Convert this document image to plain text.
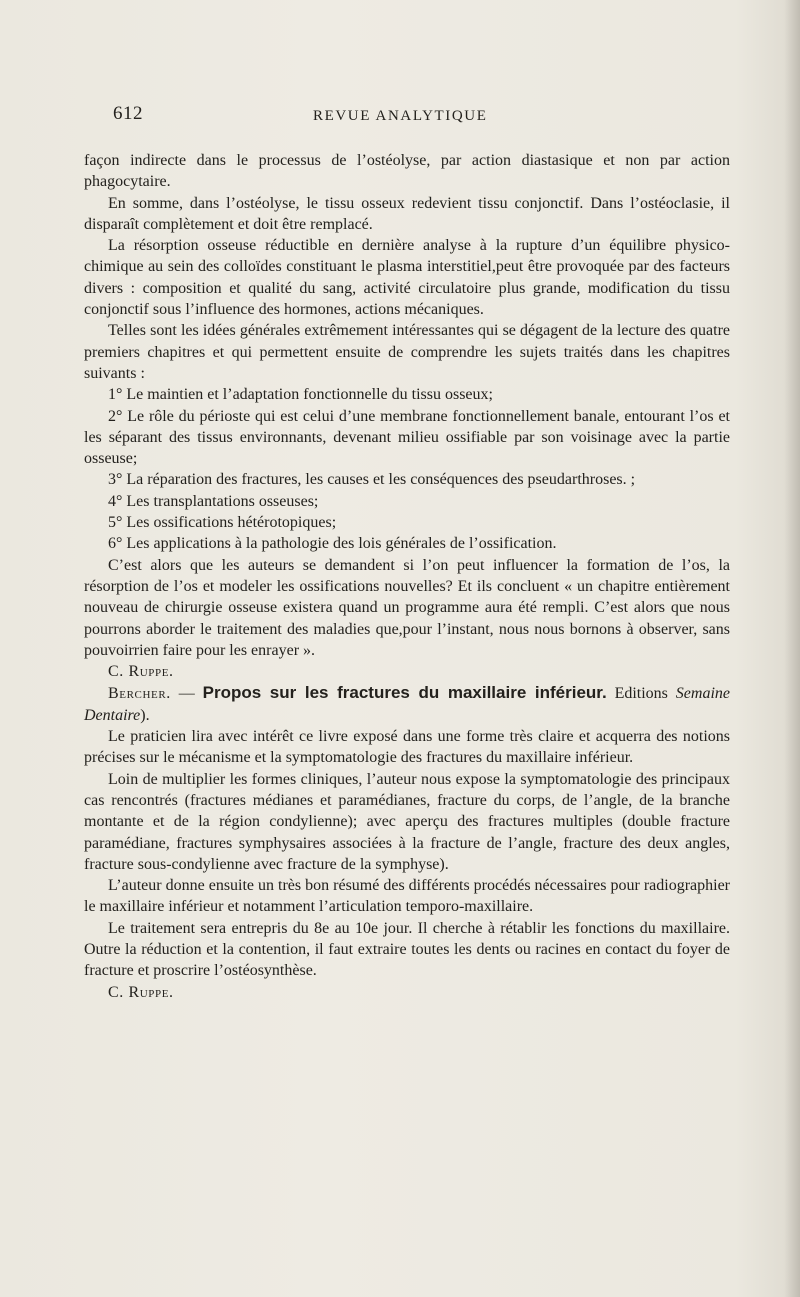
612	REVUE ANALYTIQUE

façon indirecte dans le processus de l’ostéolyse, par action diastasique et non par action phagocytaire.

En somme, dans l’ostéolyse, le tissu osseux redevient tissu conjonctif. Dans l’ostéoclasie, il disparaît complètement et doit être remplacé.

La résorption osseuse réductible en dernière analyse à la rupture d’un équilibre physico-chimique au sein des colloïdes constituant le plasma interstitiel,peut être provoquée par des facteurs divers : composition et qualité du sang, activité circulatoire plus grande, modification du tissu conjonctif sous l’influence des hormones, actions mécaniques.

Telles sont les idées générales extrêmement intéressantes qui se dégagent de la lecture des quatre premiers chapitres et qui permettent ensuite de comprendre les sujets traités dans les chapitres suivants :

1° Le maintien et l’adaptation fonctionnelle du tissu osseux;

2° Le rôle du périoste qui est celui d’une membrane fonctionnellement banale, entourant l’os et les séparant des tissus environnants, devenant milieu ossifiable par son voisinage avec la partie osseuse;

3° La réparation des fractures, les causes et les conséquences des pseudarthroses. ;

4° Les transplantations osseuses;

5° Les ossifications hétérotopiques;

6° Les applications à la pathologie des lois générales de l’ossification.

C’est alors que les auteurs se demandent si l’on peut influencer la formation de l’os, la résorption de l’os et modeler les ossifications nouvelles? Et ils concluent « un chapitre entièrement nouveau de chirurgie osseuse existera quand un programme aura été rempli. C’est alors que nous pourrons aborder le traitement des maladies que,pour l’instant, nous nous bornons à observer, sans pouvoirrien faire pour les enrayer ».

C. Ruppe.

Bercher. — Propos sur les fractures du maxillaire inférieur. Editions Semaine Dentaire).

Le praticien lira avec intérêt ce livre exposé dans une forme très claire et acquerra des notions précises sur le mécanisme et la symptomatologie des fractures du maxillaire inférieur.

Loin de multiplier les formes cliniques, l’auteur nous expose la symptomatologie des principaux cas rencontrés (fractures médianes et paramédianes, fracture du corps, de l’angle, de la branche montante et de la région condylienne); avec aperçu des fractures multiples (double fracture paramédiane, fractures symphysaires associées à la fracture de l’angle, fracture des deux angles, fracture sous-condylienne avec fracture de la symphyse).

L’auteur donne ensuite un très bon résumé des différents procédés nécessaires pour radiographier le maxillaire inférieur et notamment l’articulation temporo-maxillaire.

Le traitement sera entrepris du 8e au 10e jour. Il cherche à rétablir les fonctions du maxillaire. Outre la réduction et la contention, il faut extraire toutes les dents ou racines en contact du foyer de fracture et proscrire l’ostéosynthèse.

C. Ruppe.
